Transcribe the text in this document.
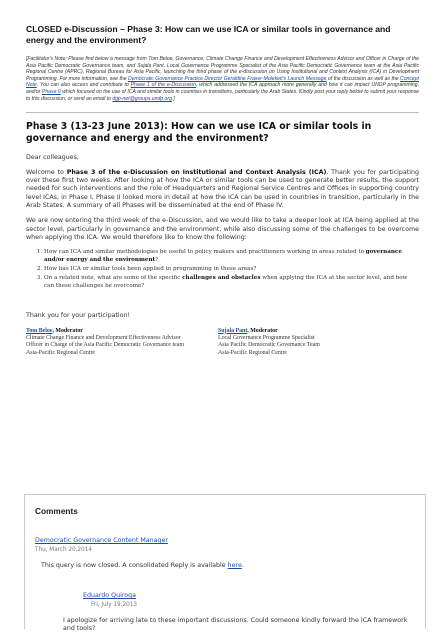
CLOSED e-Discussion – Phase 3: How can we use ICA or similar tools in governance and energy and the environment?

[Facilitator's Note: Please find below a message from Tom Beloe, Governance, Climate Change Finance and Development Effectiveness Advisor and Officer in Charge of the Asia Pacific Democratic Governance team, and Sujala Pant, Local Governance Programme Specialist of the Asia Pacific Democratic Governance team at the Asia Pacific Regional Centre (APRC), Regional Bureau for Asia Pacific, launching the third phase of the e-discussion on Using Institutional and Context Analysis (ICA) in Development Programming. For more information, see the Democratic Governance Practice Director Geraldine Fraser-Moleketi's Launch Message of the discussion as well as the Concept Note. You can also access and contribute to Phase 1 of the e-Discussion, which addressed the ICA approach more generally and how it can impact UNDP programming, and/or Phase II which focused on the use of ICA and similar tools in countries in transitions, particularly the Arab States. Kindly post your reply below to submit your response to this discussion, or send an email to dgp-net@groups.undp.org.]

Phase 3 (13-23 June 2013): How can we use ICA or similar tools in governance and energy and the environment?

Dear colleagues,

Welcome to Phase 3 of the e-Discussion on Institutional and Context Analysis (ICA). Thank you for participating over these first two weeks. After looking at how the ICA or similar tools can be used to generate better results, the support needed for such interventions and the role of Headquarters and Regional Service Centres and Offices in supporting country level ICAs, in Phase I, Phase II looked more in detail at how the ICA can be used in countries in transition, particularly in the Arab States. A summary of all Phases will be disseminated at the end of Phase IV.

We are now entering the third week of the e-Discussion, and we would like to take a deeper look at ICA being applied at the sector level, particularly in governance and the environment, while also discussing some of the challenges to be overcome when applying the ICA. We would therefore like to know the following:

1. How can ICA and similar methodologies be useful to policy makers and practitioners working in areas related to governance and/or energy and the environment?
2. How has ICA or similar tools been applied to programming in these areas?
3. On a related note, what are some of the specific challenges and obstacles when applying the ICA at the sector level, and how can these challenges be overcome?

Thank you for your participation!

Tom Beloe, Moderator
Climate Change Finance and Development Effectiveness Advisor
Officer in Charge of the Asia Pacific Democratic Governance team
Asia-Pacific Regional Centre
Sujala Pant, Moderator
Local Governance Programme Specialist
Asia Pacific Democratic Governance Team
Asia-Pacific Regional Centre
Comments
Democratic Governance Content Manager
Thu, March 20,2014
This query is now closed. A consolidated Reply is available here.
Eduardo Quiroga
Fri, July 19,2013
I apologize for arriving late to these important discussions. Could someone kindly forward the ICA framework and tools?
